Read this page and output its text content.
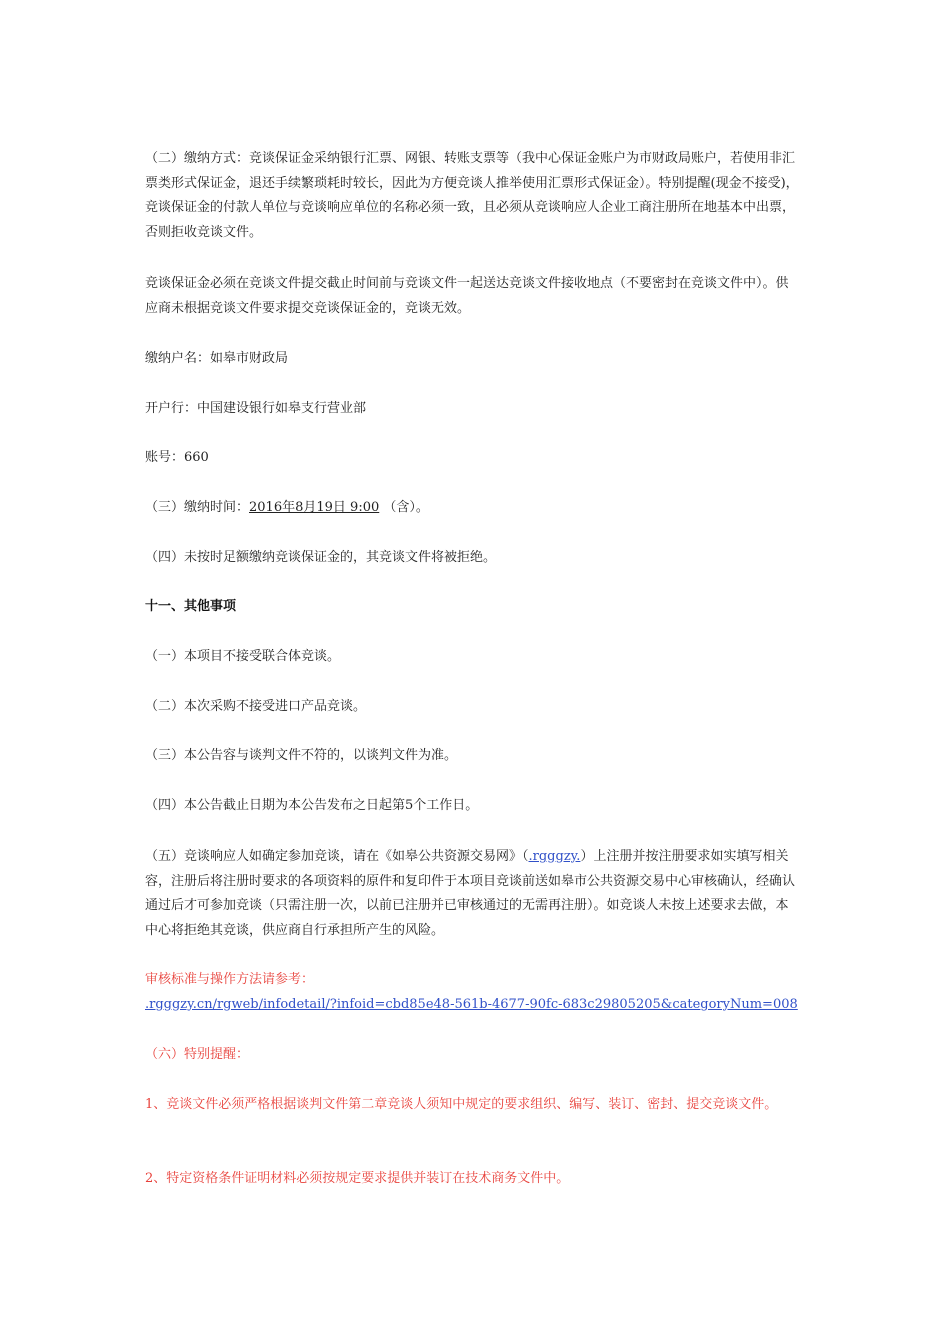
（二）缴纳方式：竞谈保证金采纳银行汇票、网银、转账支票等（我中心保证金账户为市财政局账户，若使用非汇票类形式保证金，退还手续繁琐耗时较长，因此为方便竞谈人推举使用汇票形式保证金）。特别提醒(现金不接受)，竞谈保证金的付款人单位与竞谈响应单位的名称必须一致，且必须从竞谈响应人企业工商注册所在地基本中出票，否则拒收竞谈文件。

竞谈保证金必须在竞谈文件提交截止时间前与竞谈文件一起送达竞谈文件接收地点（不要密封在竞谈文件中）。供应商未根据竞谈文件要求提交竞谈保证金的，竞谈无效。

缴纳户名：如皋市财政局

开户行：中国建设银行如皋支行营业部

账号：660

（三）缴纳时间：2016年8月19日 9:00 （含）。

（四）未按时足额缴纳竞谈保证金的，其竞谈文件将被拒绝。

十一、其他事项

（一）本项目不接受联合体竞谈。

（二）本次采购不接受进口产品竞谈。

（三）本公告容与谈判文件不符的，以谈判文件为准。

（四）本公告截止日期为本公告发布之日起第5个工作日。

（五）竞谈响应人如确定参加竞谈，请在《如皋公共资源交易网》（.rgggzy.）上注册并按注册要求如实填写相关容，注册后将注册时要求的各项资料的原件和复印件于本项目竞谈前送如皋市公共资源交易中心审核确认，经确认通过后才可参加竞谈（只需注册一次，以前已注册并已审核通过的无需再注册）。如竞谈人未按上述要求去做，本中心将拒绝其竞谈，供应商自行承担所产生的风险。

审核标准与操作方法请参考：

.rgggzy.cn/rgweb/infodetail/?infoid=cbd85e48-561b-4677-90fc-683c29805205&categoryNum=008

（六）特别提醒：

1、竞谈文件必须严格根据谈判文件第二章竞谈人须知中规定的要求组织、编写、装订、密封、提交竞谈文件。

2、特定资格条件证明材料必须按规定要求提供并装订在技术商务文件中。
